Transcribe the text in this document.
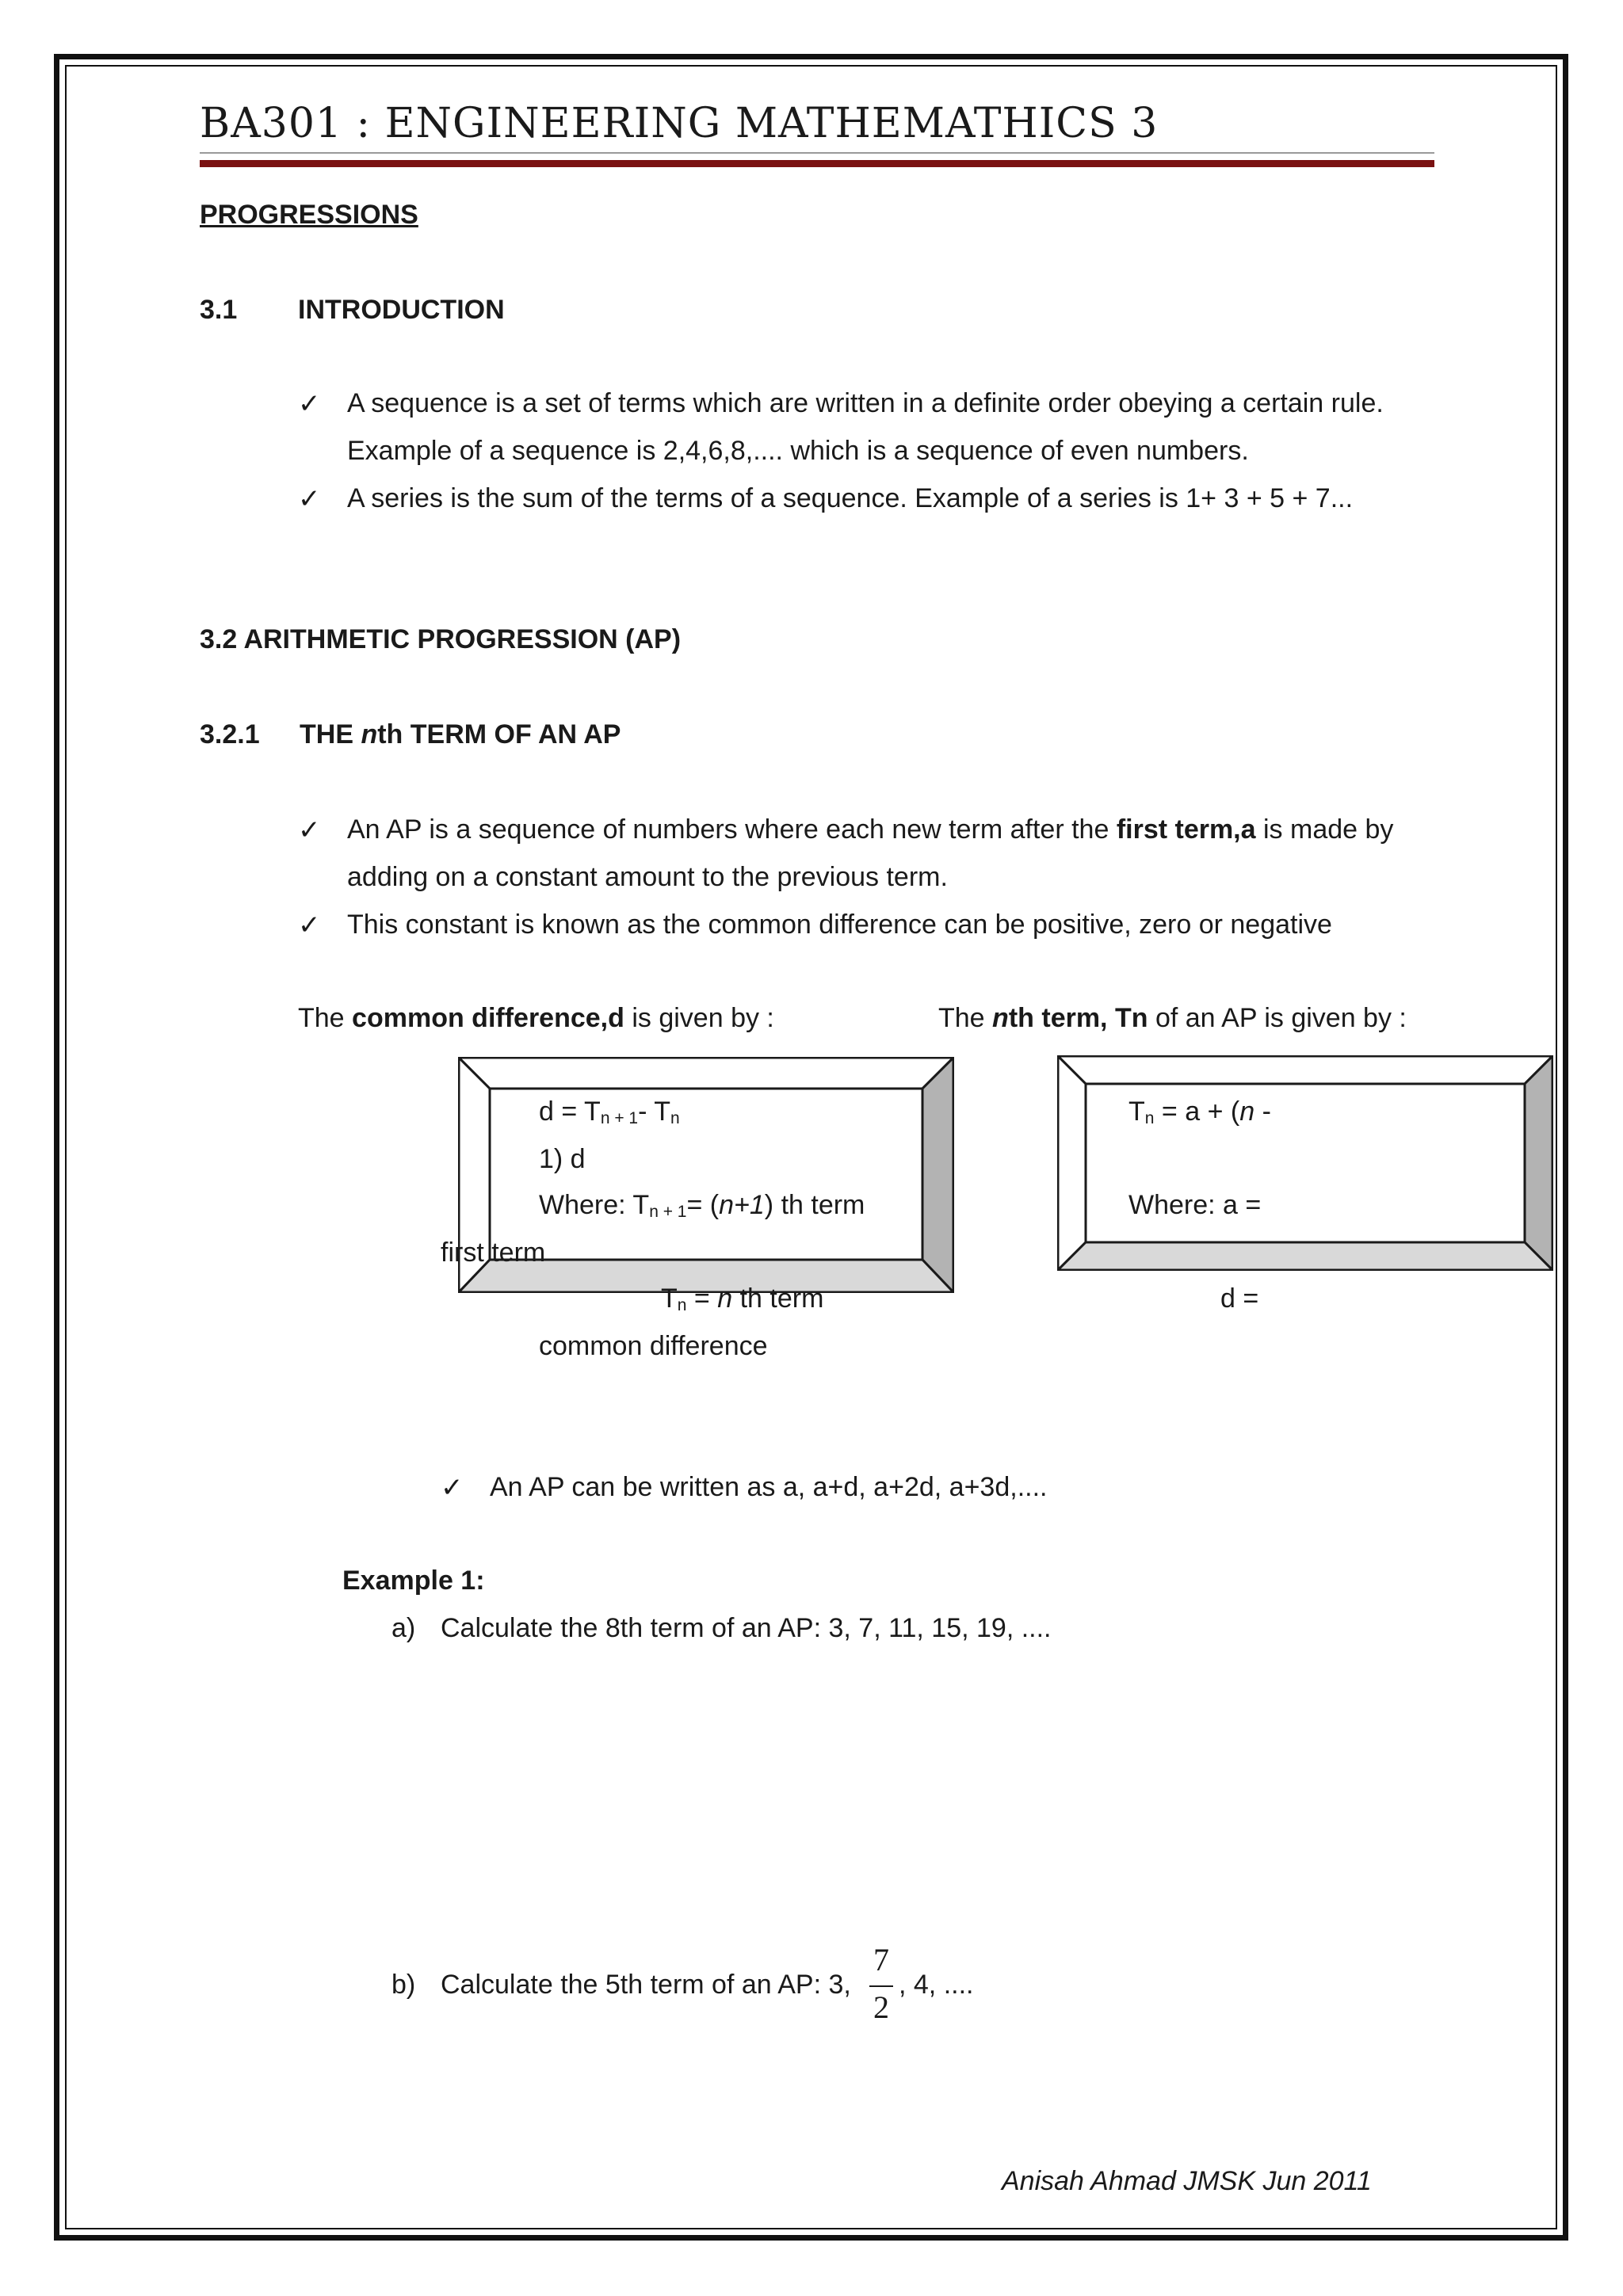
BA301 : ENGINEERING MATHEMATHICS 3
PROGRESSIONS
3.1 INTRODUCTION
✓ A sequence is a set of terms which are written in a definite order obeying a certain rule.
Example of a sequence is 2,4,6,8,.... which is a sequence of even numbers.
✓ A series is the sum of the terms of a sequence. Example of a series is 1+ 3 + 5 + 7...
3.2 ARITHMETIC PROGRESSION (AP)
3.2.1 THE nth TERM OF AN AP
✓ An AP is a sequence of numbers where each new term after the first term,a is made by
adding on a constant amount to the previous term.
✓ This constant is known as the common difference can be positive, zero or negative
The common difference,d is given by :	The nth term, Tn of an AP is given by :
d = Tn + 1- Tn
1) d
Where: Tn + 1= (n+1) th term
first term
Tn = n th term
common difference
Tn = a + (n -
Where: a =
d =
✓ An AP can be written as a, a+d, a+2d, a+3d,....
Example 1:
a) Calculate the 8th term of an AP: 3, 7, 11, 15, 19, ....
b) Calculate the 5th term of an AP: 3,
7
2
, 4, ....
Anisah Ahmad JMSK Jun 2011
